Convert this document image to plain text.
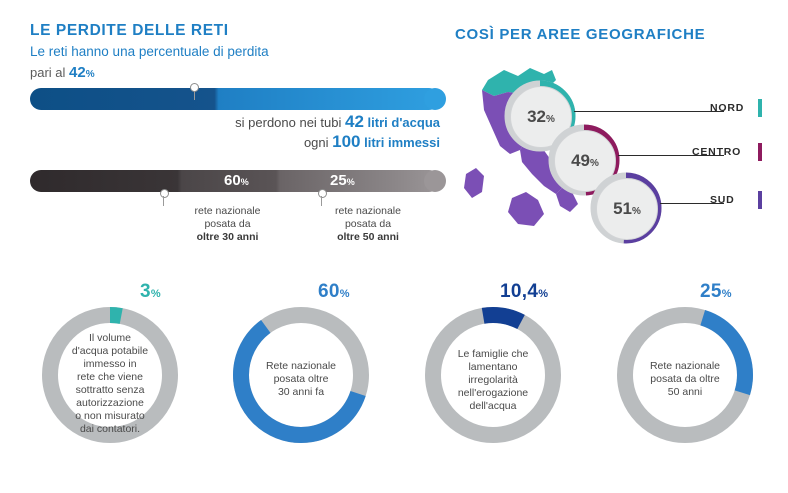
LE PERDITE DELLE RETI
Le reti hanno una percentuale di perdita
pari al 42%
si perdono nei tubi 42 litri d'acqua
ogni 100 litri immessi
60%	25%
rete nazionale
posata da
oltre 30 anni
rete nazionale
posata da
oltre 50 anni
COSÌ PER AREE GEOGRAFICHE
32%
NORD
49%
CENTRO
51%
SUD
3%
Il volume
d'acqua potabile
immesso in
rete che viene
sottratto senza
autorizzazione
o non misurato
dai contatori.
60%
Rete nazionale
posata oltre
30 anni fa
10,4%
Le famiglie che
lamentano
irregolarità
nell'erogazione
dell'acqua
25%
Rete nazionale
posata da oltre
50 anni
